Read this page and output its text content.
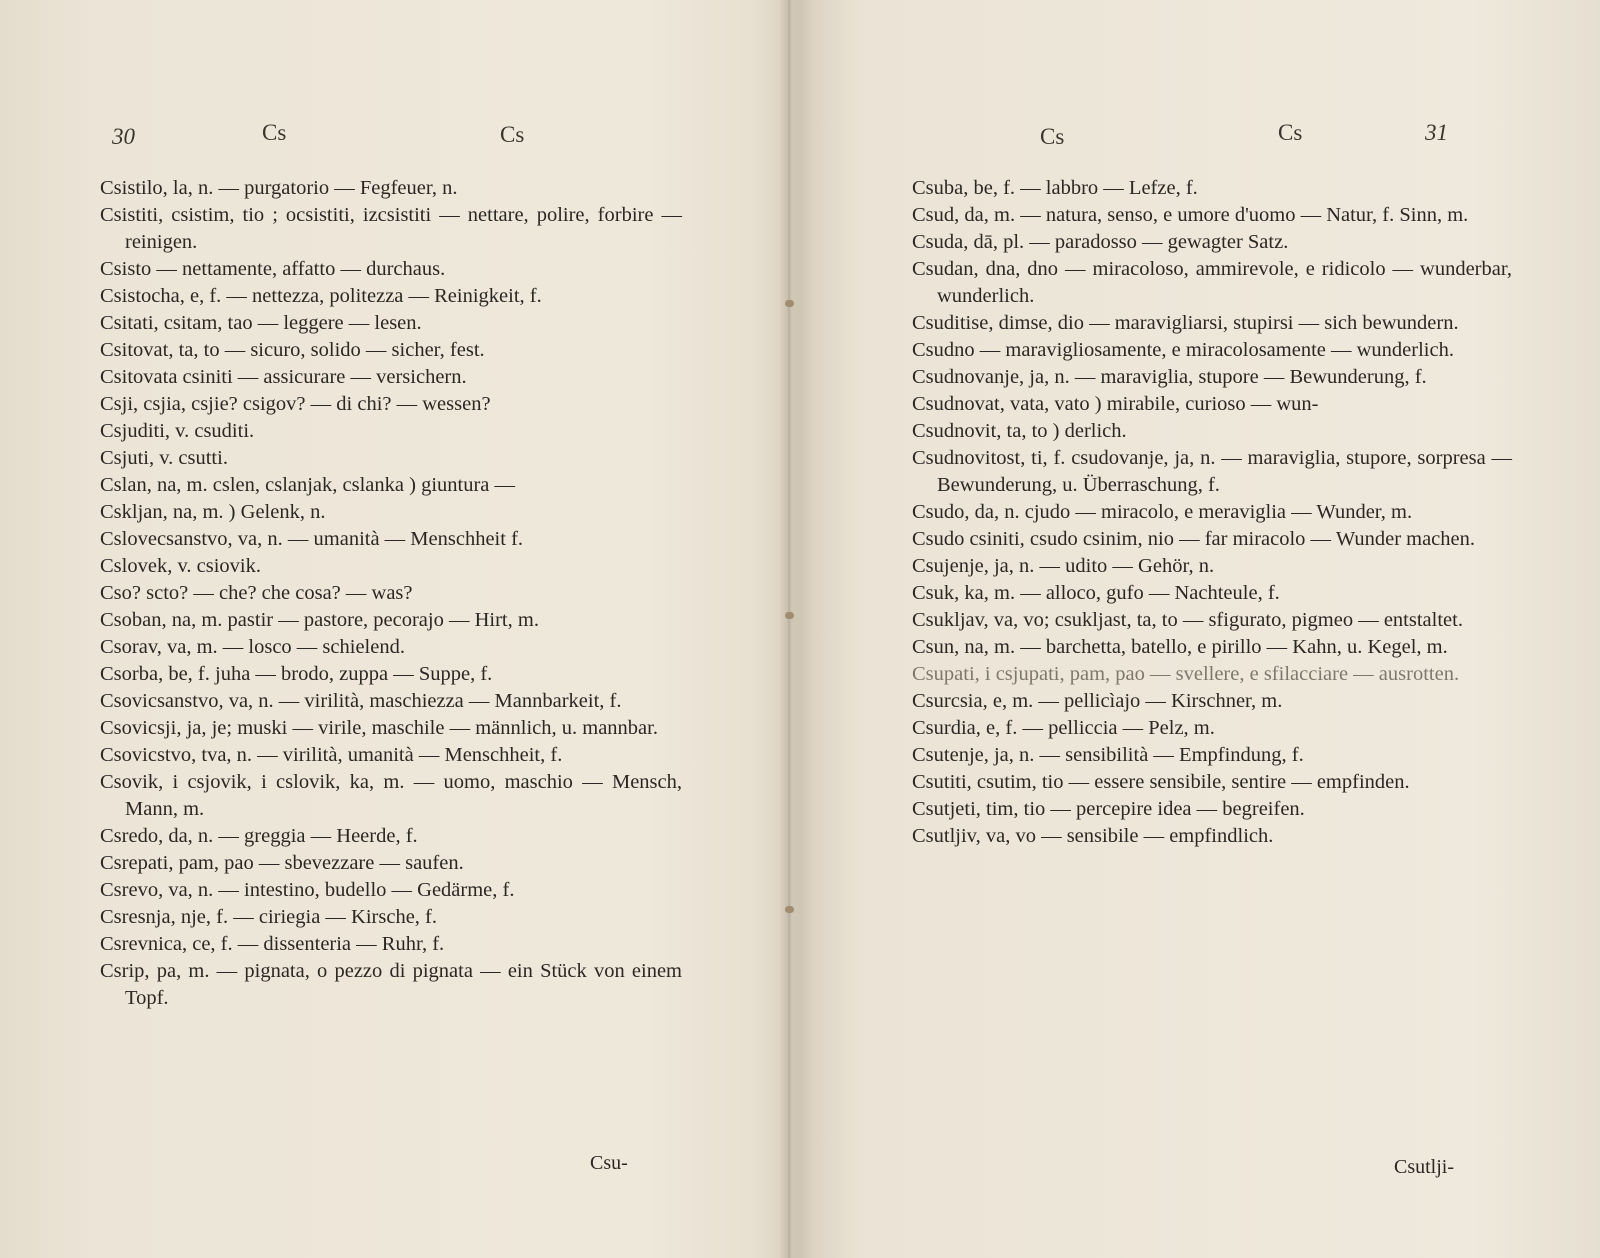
30	Cs	Cs

Csistilo, la, n. — purgatorio — Fegfeuer, n.

Csistiti, csistim, tio ; ocsistiti, izcsistiti — nettare, polire, forbire — reinigen.

Csisto — nettamente, affatto — durchaus.

Csistocha, e, f. — nettezza, politezza — Reinigkeit, f.

Csitati, csitam, tao — leggere — lesen.

Csitovat, ta, to — sicuro, solido — sicher, fest.

Csitovata csiniti — assicurare — versichern.

Csji, csjia, csjie? csigov? — di chi? — wessen?

Csjuditi, v. csuditi.

Csjuti, v. csutti.

Cslan, na, m. cslen, cslanjak, cslanka ) giuntura —

Cskljan, na, m. ) Gelenk, n.

Cslovecsanstvo, va, n. — umanità — Menschheit f.

Cslovek, v. csiovik.

Cso? scto? — che? che cosa? — was?

Csoban, na, m. pastir — pastore, pecorajo — Hirt, m.

Csorav, va, m. — losco — schielend.

Csorba, be, f. juha — brodo, zuppa — Suppe, f.

Csovicsanstvo, va, n. — virilità, maschiezza — Mannbarkeit, f.

Csovicsji, ja, je; muski — virile, maschile — männlich, u. mannbar.

Csovicstvo, tva, n. — virilità, umanità — Menschheit, f.

Csovik, i csjovik, i cslovik, ka, m. — uomo, maschio — Mensch, Mann, m.

Csredo, da, n. — greggia — Heerde, f.

Csrepati, pam, pao — sbevezzare — saufen.

Csrevo, va, n. — intestino, budello — Gedärme, f.

Csresnja, nje, f. — ciriegia — Kirsche, f.

Csrevnica, ce, f. — dissenteria — Ruhr, f.

Csrip, pa, m. — pignata, o pezzo di pignata — ein Stück von einem Topf.

Csu-
Cs	Cs	31

Csuba, be, f. — labbro — Lefze, f.

Csud, da, m. — natura, senso, e umore d'uomo — Natur, f. Sinn, m.

Csuda, dā, pl. — paradosso — gewagter Satz.

Csudan, dna, dno — miracoloso, ammirevole, e ridicolo — wunderbar, wunderlich.

Csuditise, dimse, dio — maravigliarsi, stupirsi — sich bewundern.

Csudno — maravigliosamente, e miracolosamente — wunderlich.

Csudnovanje, ja, n. — maraviglia, stupore — Bewunderung, f.

Csudnovat, vata, vato ) mirabile, curioso — wun-

Csudnovit, ta, to ) derlich.

Csudnovitost, ti, f. csudovanje, ja, n. — maraviglia, stupore, sorpresa — Bewunderung, u. Überraschung, f.

Csudo, da, n. cjudo — miracolo, e meraviglia — Wunder, m.

Csudo csiniti, csudo csinim, nio — far miracolo — Wunder machen.

Csujenje, ja, n. — udito — Gehör, n.

Csuk, ka, m. — alloco, gufo — Nachteule, f.

Csukljav, va, vo; csukljast, ta, to — sfigurato, pigmeo — entstaltet.

Csun, na, m. — barchetta, batello, e pirillo — Kahn, u. Kegel, m.

Csupati, i csjupati, pam, pao — svellere, e sfilacciare — ausrotten.

Csurcsia, e, m. — pellicìajo — Kirschner, m.

Csurdia, e, f. — pelliccia — Pelz, m.

Csutenje, ja, n. — sensibilità — Empfindung, f.

Csutiti, csutim, tio — essere sensibile, sentire — empfinden.

Csutjeti, tim, tio — percepire idea — begreifen.

Csutljiv, va, vo — sensibile — empfindlich.

Csutlji-
